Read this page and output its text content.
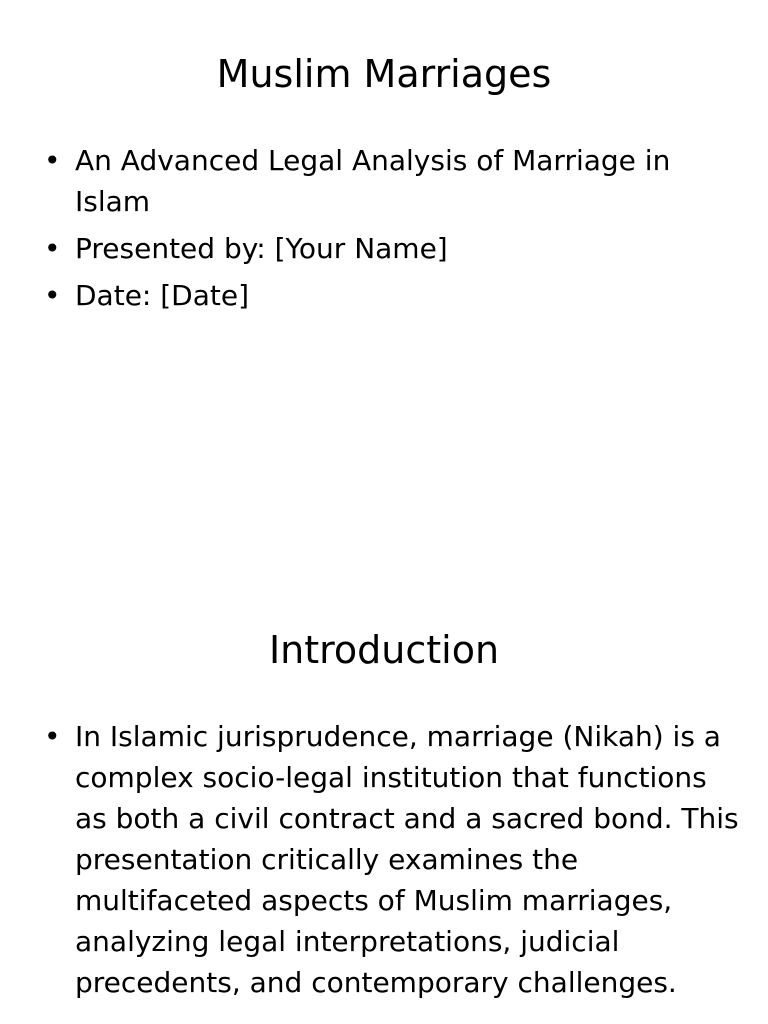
Muslim Marriages
• An Advanced Legal Analysis of Marriage in Islam
• Presented by: [Your Name]
• Date: [Date]
Introduction
• In Islamic jurisprudence, marriage (Nikah) is a complex socio-legal institution that functions as both a civil contract and a sacred bond. This presentation critically examines the multifaceted aspects of Muslim marriages, analyzing legal interpretations, judicial precedents, and contemporary challenges.
